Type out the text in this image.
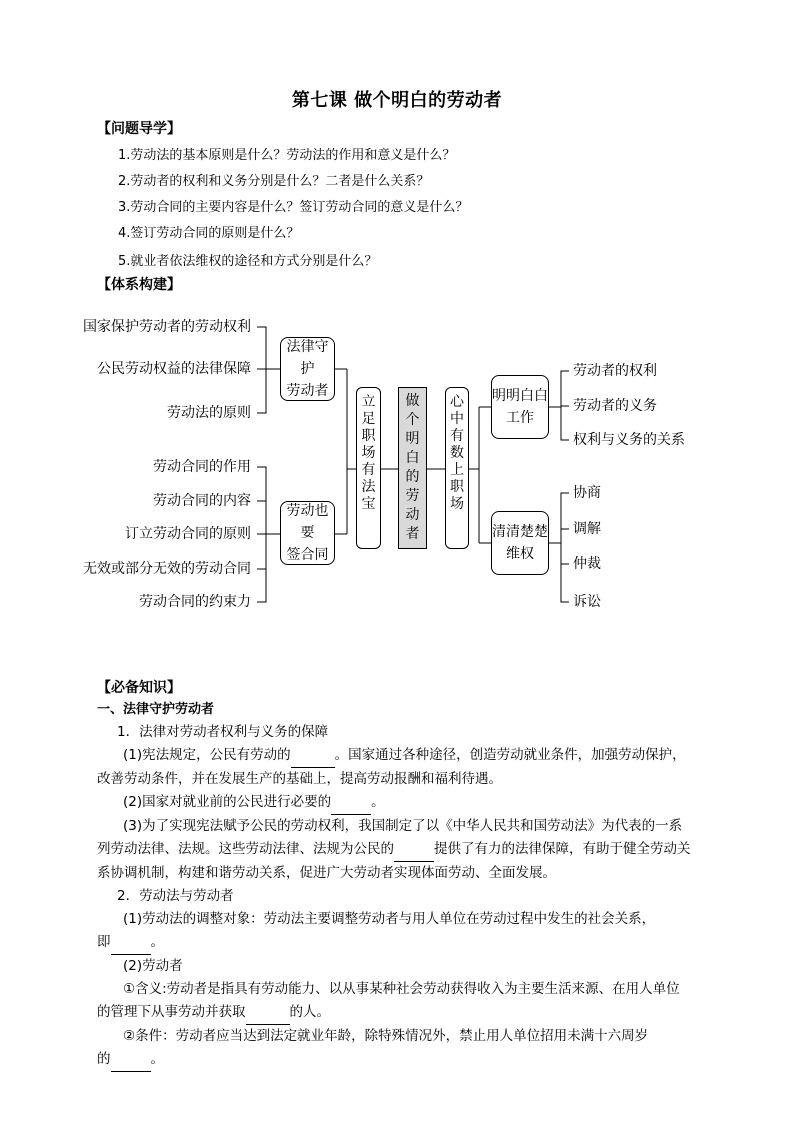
第七课 做个明白的劳动者
【问题导学】
1.劳动法的基本原则是什么？劳动法的作用和意义是什么？
2.劳动者的权利和义务分别是什么？二者是什么关系？
3.劳动合同的主要内容是什么？签订劳动合同的意义是什么？
4.签订劳动合同的原则是什么？
5.就业者依法维权的途径和方式分别是什么？
【体系构建】
国家保护劳动者的劳动权利
公民劳动权益的法律保障
劳动法的原则
劳动合同的作用
劳动合同的内容
订立劳动合同的原则
无效或部分无效的劳动合同
劳动合同的约束力
法律守护
劳动者
劳动也要
签合同
立
足
职
场
有
法
宝
做
个
明
白
的
劳
动
者
心
中
有
数
上
职
场
明明白白
工作
清清楚楚
维权
劳动者的权利
劳动者的义务
权利与义务的关系
协商
调解
仲裁
诉讼
【必备知识】
一、法律守护劳动者
1．法律对劳动者权利与义务的保障
(1)宪法规定，公民有劳动的	。国家通过各种途径，创造劳动就业条件，加强劳动保护，
改善劳动条件，并在发展生产的基础上，提高劳动报酬和福利待遇。
(2)国家对就业前的公民进行必要的	。
(3)为了实现宪法赋予公民的劳动权利，我国制定了以《中华人民共和国劳动法》为代表的一系
列劳动法律、法规。这些劳动法律、法规为公民的	提供了有力的法律保障，有助于健全劳动关
系协调机制，构建和谐劳动关系，促进广大劳动者实现体面劳动、全面发展。
2．劳动法与劳动者
(1)劳动法的调整对象：劳动法主要调整劳动者与用人单位在劳动过程中发生的社会关系，
即	。
(2)劳动者
①含义:劳动者是指具有劳动能力、以从事某种社会劳动获得收入为主要生活来源、在用人单位
的管理下从事劳动并获取	的人。
②条件：劳动者应当达到法定就业年龄，除特殊情况外，禁止用人单位招用未满十六周岁
的	。
